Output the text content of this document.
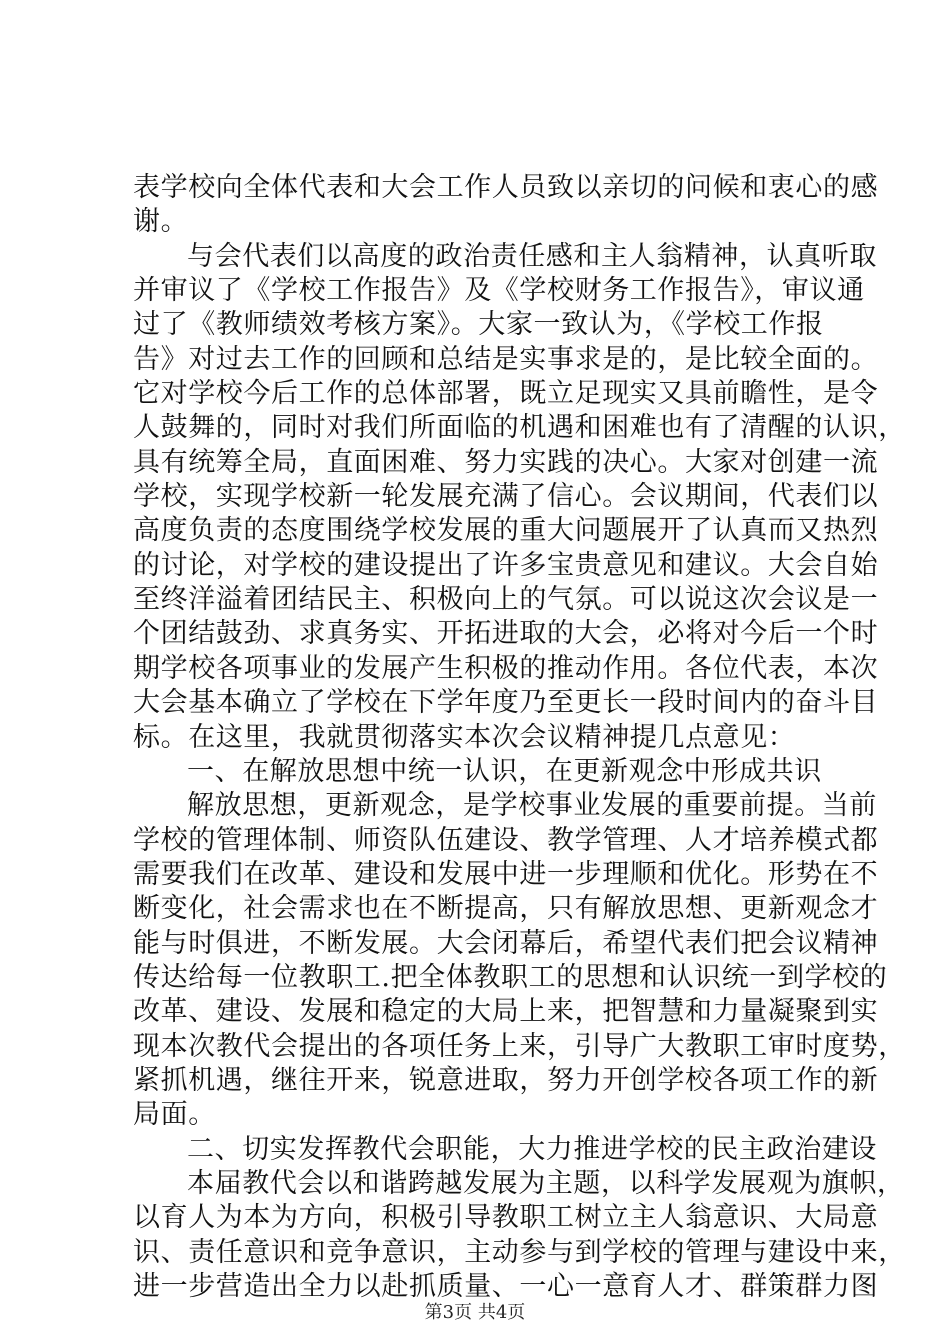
表学校向全体代表和大会工作人员致以亲切的问候和衷心的感
谢。
与会代表们以高度的政治责任感和主人翁精神，认真听取
并审议了《学校工作报告》及《学校财务工作报告》，审议通
过了《教师绩效考核方案》。大家一致认为，《学校工作报
告》对过去工作的回顾和总结是实事求是的，是比较全面的。
它对学校今后工作的总体部署，既立足现实又具前瞻性，是令
人鼓舞的，同时对我们所面临的机遇和困难也有了清醒的认识，
具有统筹全局，直面困难、努力实践的决心。大家对创建一流
学校，实现学校新一轮发展充满了信心。会议期间，代表们以
高度负责的态度围绕学校发展的重大问题展开了认真而又热烈
的讨论，对学校的建设提出了许多宝贵意见和建议。大会自始
至终洋溢着团结民主、积极向上的气氛。可以说这次会议是一
个团结鼓劲、求真务实、开拓进取的大会，必将对今后一个时
期学校各项事业的发展产生积极的推动作用。各位代表，本次
大会基本确立了学校在下学年度乃至更长一段时间内的奋斗目
标。在这里，我就贯彻落实本次会议精神提几点意见：
一、在解放思想中统一认识，在更新观念中形成共识
解放思想，更新观念，是学校事业发展的重要前提。当前
学校的管理体制、师资队伍建设、教学管理、人才培养模式都
需要我们在改革、建设和发展中进一步理顺和优化。形势在不
断变化，社会需求也在不断提高，只有解放思想、更新观念才
能与时俱进，不断发展。大会闭幕后，希望代表们把会议精神
传达给每一位教职工.把全体教职工的思想和认识统一到学校的
改革、建设、发展和稳定的大局上来，把智慧和力量凝聚到实
现本次教代会提出的各项任务上来，引导广大教职工审时度势，
紧抓机遇，继往开来，锐意进取，努力开创学校各项工作的新
局面。
二、切实发挥教代会职能，大力推进学校的民主政治建设
本届教代会以和谐跨越发展为主题，以科学发展观为旗帜，
以育人为本为方向，积极引导教职工树立主人翁意识、大局意
识、责任意识和竞争意识，主动参与到学校的管理与建设中来，
进一步营造出全力以赴抓质量、一心一意育人才、群策群力图
第3页 共4页
